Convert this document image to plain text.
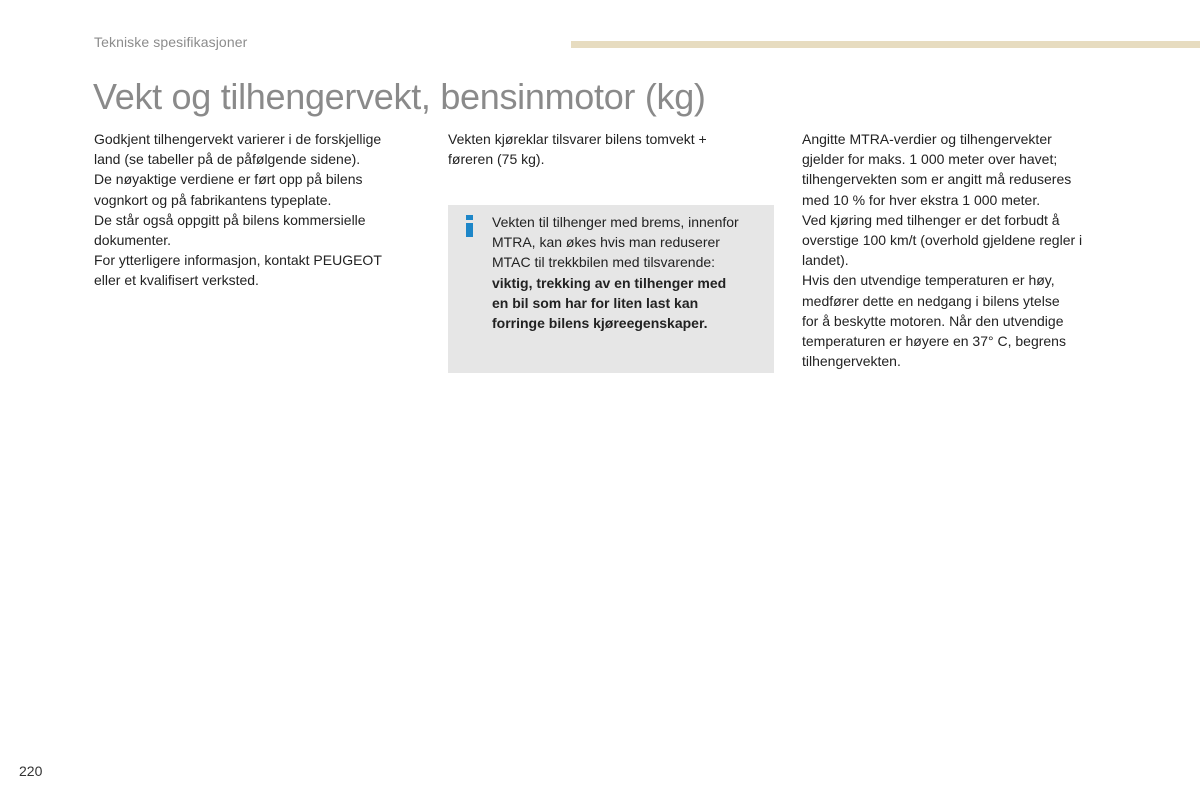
Tekniske spesifikasjoner
Vekt og tilhengervekt, bensinmotor (kg)

Godkjent tilhengervekt varierer i de forskjellige

land (se tabeller på de påfølgende sidene).

De nøyaktige verdiene er ført opp på bilens

vognkort og på fabrikantens typeplate.

De står også oppgitt på bilens kommersielle

dokumenter.

For ytterligere informasjon, kontakt PEUGEOT

eller et kvalifisert verksted.

Vekten kjøreklar tilsvarer bilens tomvekt +

føreren (75 kg).

Vekten til tilhenger med brems, innenfor

MTRA, kan økes hvis man reduserer

MTAC til trekkbilen med tilsvarende:

viktig, trekking av en tilhenger med

en bil som har for liten last kan

forringe bilens kjøreegenskaper.

Angitte MTRA-verdier og tilhengervekter

gjelder for maks. 1 000 meter over havet;

tilhengervekten som er angitt må reduseres

med 10 % for hver ekstra 1 000 meter.

Ved kjøring med tilhenger er det forbudt å

overstige 100 km/t (overhold gjeldene regler i

landet).

Hvis den utvendige temperaturen er høy,

medfører dette en nedgang i bilens ytelse

for å beskytte motoren. Når den utvendige

temperaturen er høyere en 37° C, begrens

tilhengervekten.

220
